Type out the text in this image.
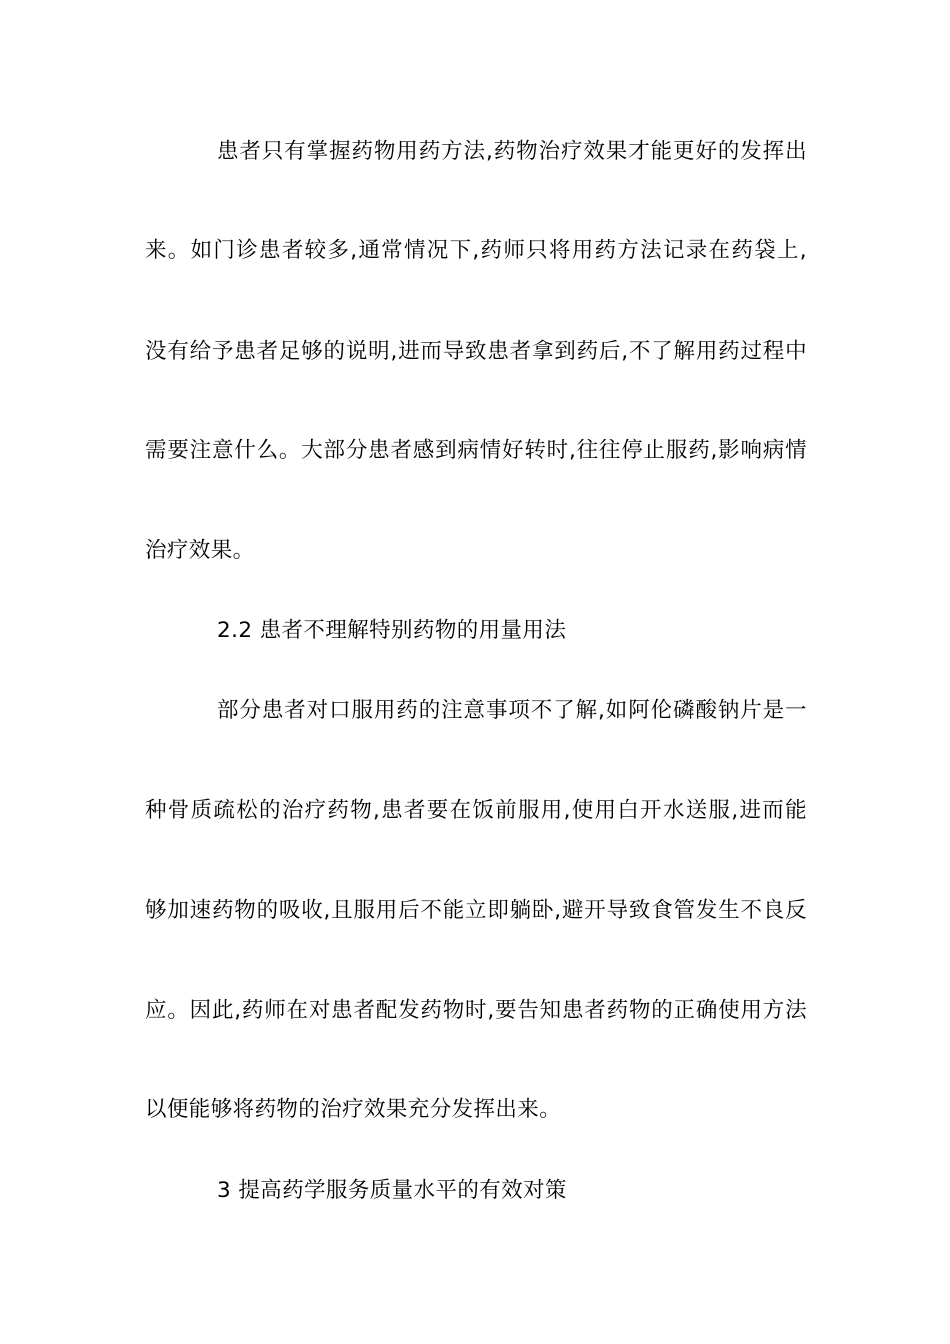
患者只有掌握药物用药方法,药物治疗效果才能更好的发挥出
来。如门诊患者较多,通常情况下,药师只将用药方法记录在药袋上,
没有给予患者足够的说明,进而导致患者拿到药后,不了解用药过程中
需要注意什么。大部分患者感到病情好转时,往往停止服药,影响病情
治疗效果。
2.2 患者不理解特别药物的用量用法
部分患者对口服用药的注意事项不了解,如阿伦磷酸钠片是一
种骨质疏松的治疗药物,患者要在饭前服用,使用白开水送服,进而能
够加速药物的吸收,且服用后不能立即躺卧,避开导致食管发生不良反
应。因此,药师在对患者配发药物时,要告知患者药物的正确使用方法
以便能够将药物的治疗效果充分发挥出来。
3 提高药学服务质量水平的有效对策
